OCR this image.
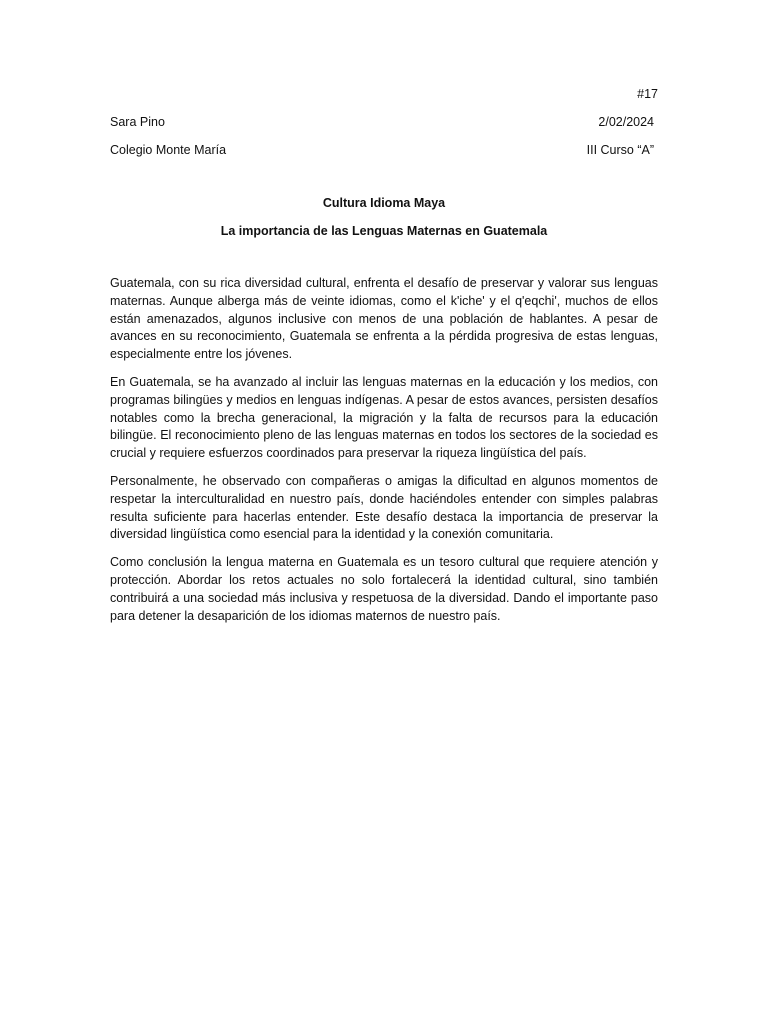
#17
Sara Pino	2/02/2024
Colegio Monte María	III Curso “A”
Cultura Idioma Maya
La importancia de las Lenguas Maternas en Guatemala

Guatemala, con su rica diversidad cultural, enfrenta el desafío de preservar y valorar sus lenguas maternas. Aunque alberga más de veinte idiomas, como el k'iche' y el q'eqchi', muchos de ellos están amenazados, algunos inclusive con menos de una población de hablantes. A pesar de avances en su reconocimiento, Guatemala se enfrenta a la pérdida progresiva de estas lenguas, especialmente entre los jóvenes.

En Guatemala, se ha avanzado al incluir las lenguas maternas en la educación y los medios, con programas bilingües y medios en lenguas indígenas. A pesar de estos avances, persisten desafíos notables como la brecha generacional, la migración y la falta de recursos para la educación bilingüe. El reconocimiento pleno de las lenguas maternas en todos los sectores de la sociedad es crucial y requiere esfuerzos coordinados para preservar la riqueza lingüística del país.

Personalmente, he observado con compañeras o amigas la dificultad en algunos momentos de respetar la interculturalidad en nuestro país, donde haciéndoles entender con simples palabras resulta suficiente para hacerlas entender. Este desafío destaca la importancia de preservar la diversidad lingüística como esencial para la identidad y la conexión comunitaria.

Como conclusión la lengua materna en Guatemala es un tesoro cultural que requiere atención y protección. Abordar los retos actuales no solo fortalecerá la identidad cultural, sino también contribuirá a una sociedad más inclusiva y respetuosa de la diversidad. Dando el importante paso para detener la desaparición de los idiomas maternos de nuestro país.
